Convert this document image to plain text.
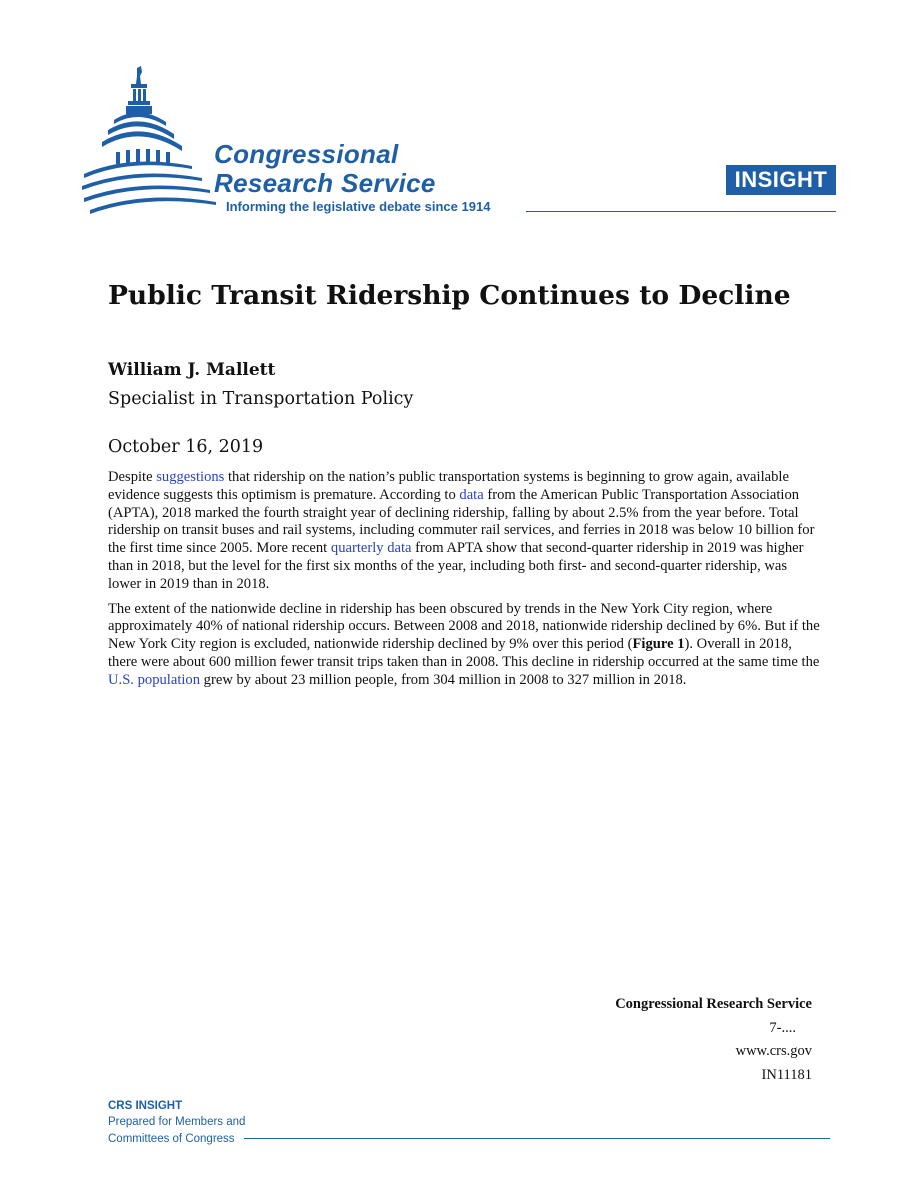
Congressional
Research Service
Informing the legislative debate since 1914
INSIGHT
Public Transit Ridership Continues to Decline
William J. Mallett
Specialist in Transportation Policy
October 16, 2019

Despite suggestions that ridership on the nation’s public transportation systems is beginning to grow again, available evidence suggests this optimism is premature. According to data from the American Public Transportation Association (APTA), 2018 marked the fourth straight year of declining ridership, falling by about 2.5% from the year before. Total ridership on transit buses and rail systems, including commuter rail services, and ferries in 2018 was below 10 billion for the first time since 2005. More recent quarterly data from APTA show that second-quarter ridership in 2019 was higher than in 2018, but the level for the first six months of the year, including both first- and second-quarter ridership, was lower in 2019 than in 2018.

The extent of the nationwide decline in ridership has been obscured by trends in the New York City region, where approximately 40% of national ridership occurs. Between 2008 and 2018, nationwide ridership declined by 6%. But if the New York City region is excluded, nationwide ridership declined by 9% over this period (Figure 1). Overall in 2018, there were about 600 million fewer transit trips taken than in 2008. This decline in ridership occurred at the same time the U.S. population grew by about 23 million people, from 304 million in 2008 to 327 million in 2018.

Congressional Research Service
7-....
www.crs.gov
IN11181
CRS INSIGHT
Prepared for Members and
Committees of Congress
